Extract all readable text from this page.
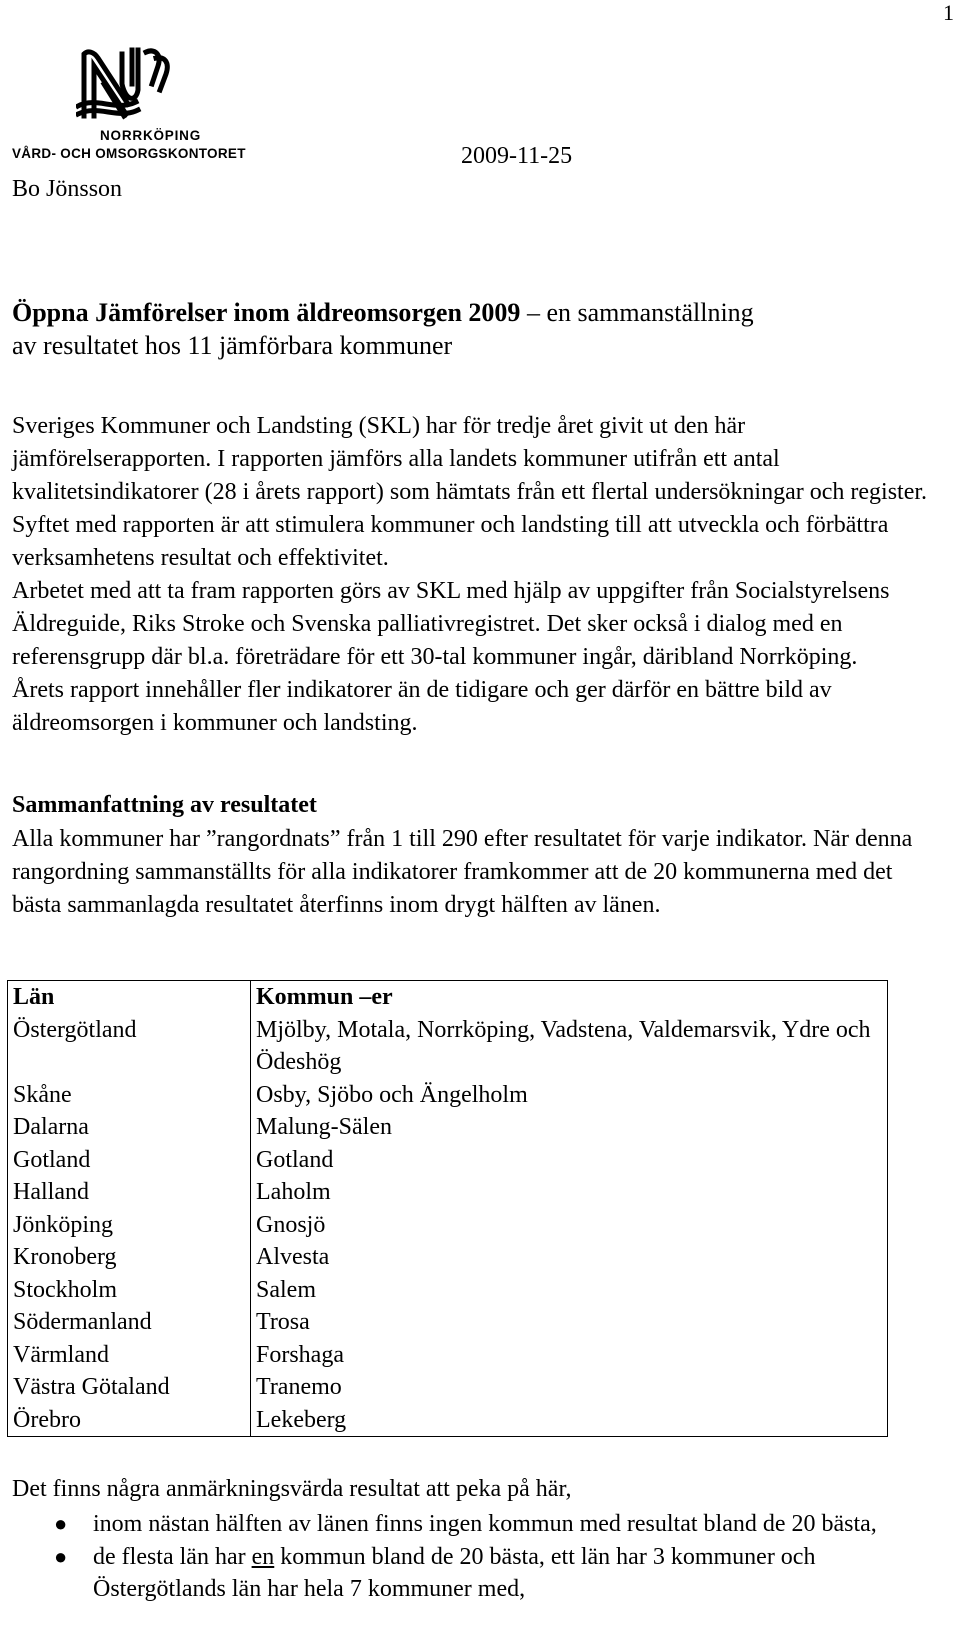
1
NORRKÖPING
VÅRD- OCH OMSORGSKONTORET	2009-11-25
Bo Jönsson
Öppna Jämförelser inom äldreomsorgen 2009 – en sammanställning
av resultatet hos 11 jämförbara kommuner
Sveriges Kommuner och Landsting (SKL) har för tredje året givit ut den här jämförelserapporten. I rapporten jämförs alla landets kommuner utifrån ett antal kvalitetsindikatorer (28 i årets rapport) som hämtats från ett flertal undersökningar och register. Syftet med rapporten är att stimulera kommuner och landsting till att utveckla och förbättra verksamhetens resultat och effektivitet.
Arbetet med att ta fram rapporten görs av SKL med hjälp av uppgifter från Socialstyrelsens Äldreguide, Riks Stroke och Svenska palliativregistret. Det sker också i dialog med en referensgrupp där bl.a. företrädare för ett 30-tal kommuner ingår, däribland Norrköping.
Årets rapport innehåller fler indikatorer än de tidigare och ger därför en bättre bild av äldreomsorgen i kommuner och landsting.
Sammanfattning av resultatet
Alla kommuner har ”rangordnats” från 1 till 290 efter resultatet för varje indikator. När denna rangordning sammanställts för alla indikatorer framkommer att de 20 kommunerna med det bästa sammanlagda resultatet återfinns inom drygt hälften av länen.
Län	Kommun –er
Östergötland	Mjölby, Motala, Norrköping, Vadstena, Valdemarsvik, Ydre och Ödeshög
Skåne	Osby, Sjöbo och Ängelholm
Dalarna	Malung-Sälen
Gotland	Gotland
Halland	Laholm
Jönköping	Gnosjö
Kronoberg	Alvesta
Stockholm	Salem
Södermanland	Trosa
Värmland	Forshaga
Västra Götaland	Tranemo
Örebro	Lekeberg
Det finns några anmärkningsvärda resultat att peka på här,
● inom nästan hälften av länen finns ingen kommun med resultat bland de 20 bästa,
● de flesta län har en kommun bland de 20 bästa, ett län har 3 kommuner och Östergötlands län har hela 7 kommuner med,
